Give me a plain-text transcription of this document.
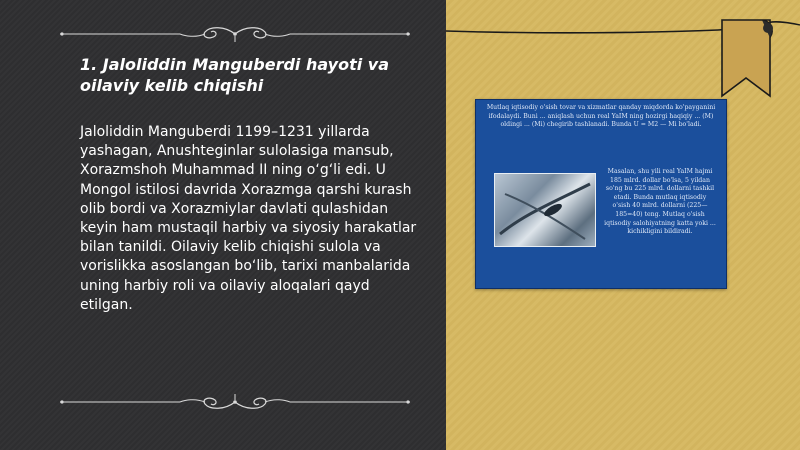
1. Jaloliddin Manguberdi hayoti va oilaviy kelib chiqishi

Jaloliddin Manguberdi 1199–1231 yillarda yashagan, Anushteginlar sulolasiga mansub, Xorazmshoh Muhammad II ning o‘g‘li edi. U Mongol istilosi davrida Xorazmga qarshi kurash olib bordi va Xorazmiylar davlati qulashidan keyin ham mustaqil harbiy va siyosiy harakatlar bilan tanildi. Oilaviy kelib chiqishi sulola va vorislikka asoslangan bo‘lib, tarixi manbalarida uning harbiy roli va oilaviy aloqalari qayd etilgan.

Mutlaq iqtisodiy o'sish tovar va xizmatlar qanday miqdorda ko'payganini ifodalaydi. Buni ... aniqlash uchun real YaIM ning hozirgi haqiqiy ... (M) oldingi ... (Mi) chegirib tashlanadi. Bunda U = M2 — Mi bo'ladi.

Masalan, shu yili real YaIM hajmi 185 mlrd. dollar bo'lsa, 5 yildan so'ng bu 225 mlrd. dollarni tashkil etadi. Bunda mutlaq iqtisodiy o'sish 40 mlrd. dollarni (225—185=40) teng. Mutlaq o'sish iqtisodiy salohiyatning katta yoki ... kichikligini bildiradi.
